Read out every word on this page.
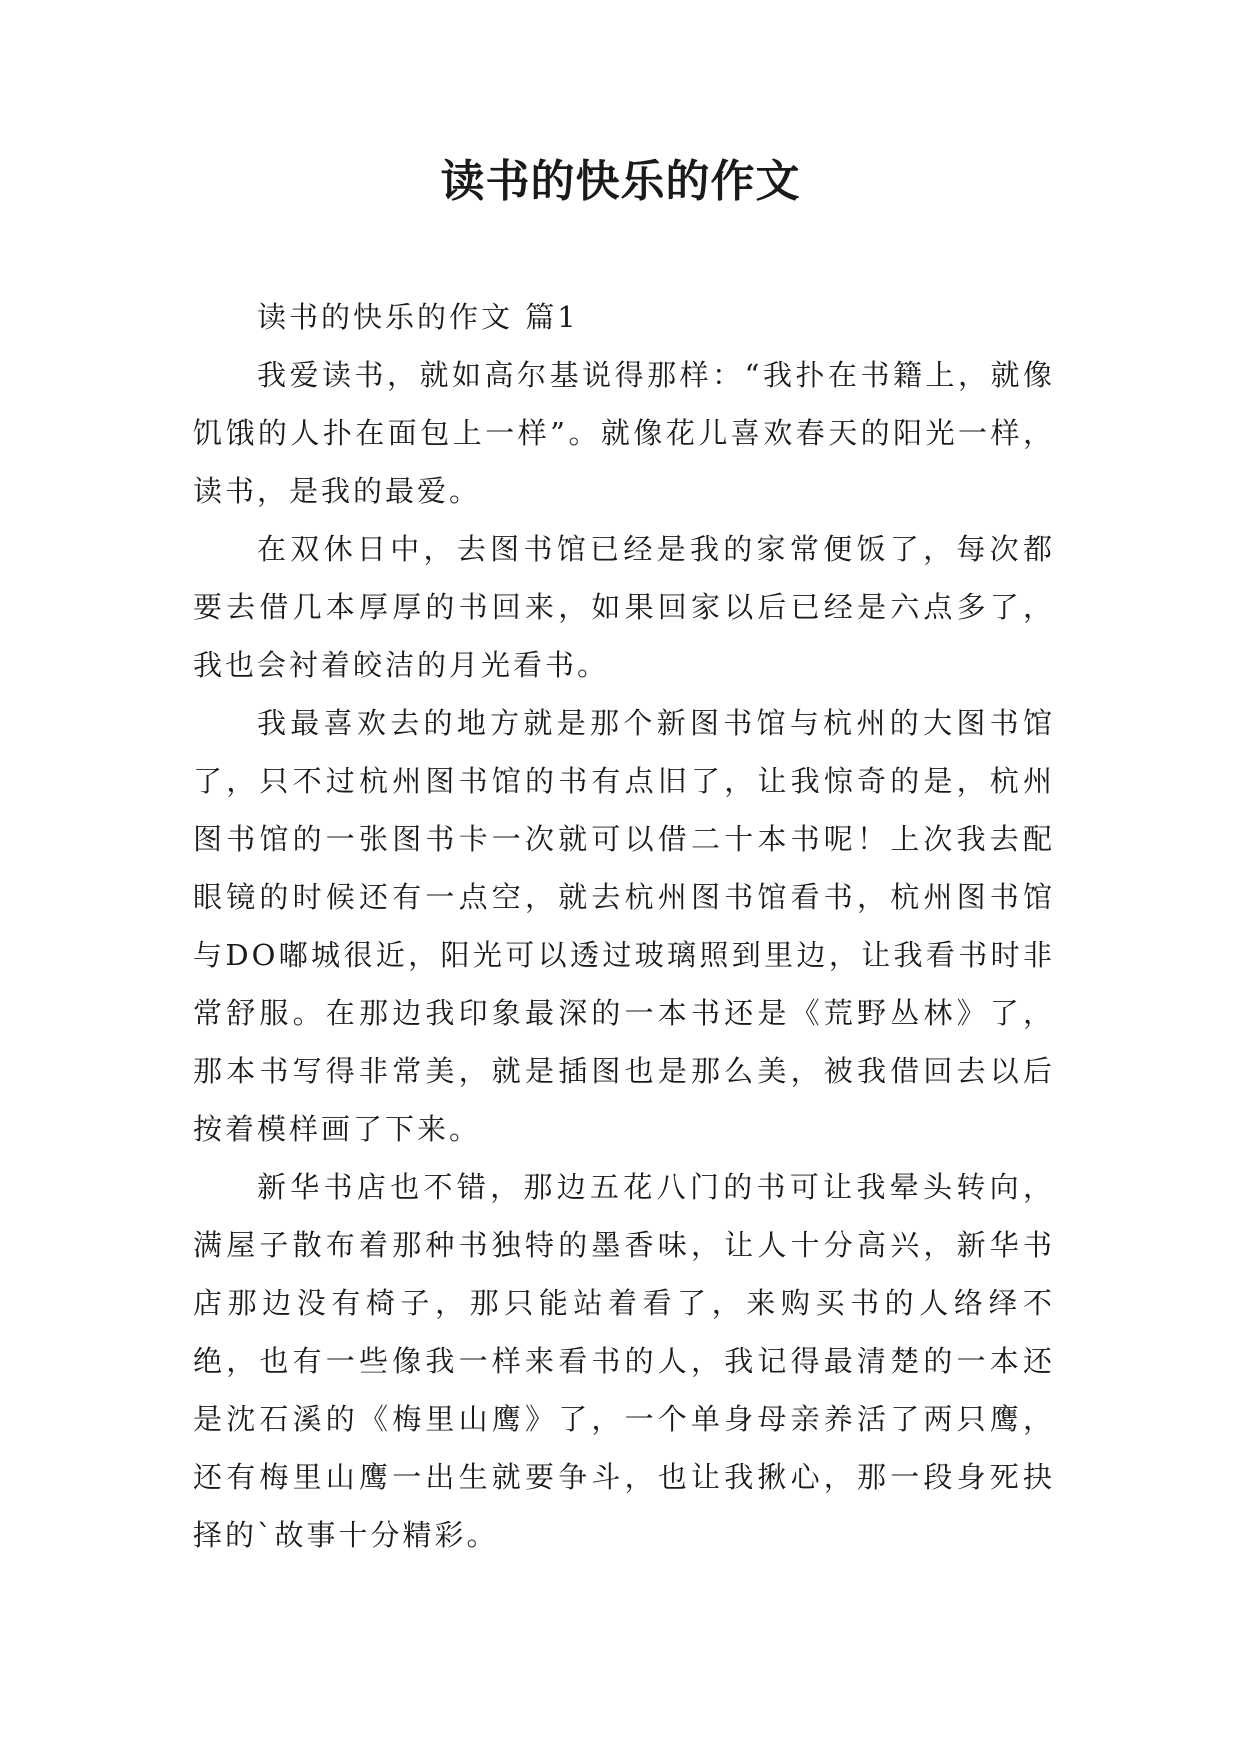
读书的快乐的作文

读书的快乐的作文 篇1

我爱读书，就如高尔基说得那样：“我扑在书籍上，就像饥饿的人扑在面包上一样”。就像花儿喜欢春天的阳光一样，读书，是我的最爱。

在双休日中，去图书馆已经是我的家常便饭了，每次都要去借几本厚厚的书回来，如果回家以后已经是六点多了，我也会衬着皎洁的月光看书。

我最喜欢去的地方就是那个新图书馆与杭州的大图书馆了，只不过杭州图书馆的书有点旧了，让我惊奇的是，杭州图书馆的一张图书卡一次就可以借二十本书呢！上次我去配眼镜的时候还有一点空，就去杭州图书馆看书，杭州图书馆与DO嘟城很近，阳光可以透过玻璃照到里边，让我看书时非常舒服。在那边我印象最深的一本书还是《荒野丛林》了，那本书写得非常美，就是插图也是那么美，被我借回去以后按着模样画了下来。

新华书店也不错，那边五花八门的书可让我晕头转向，满屋子散布着那种书独特的墨香味，让人十分高兴，新华书店那边没有椅子，那只能站着看了，来购买书的人络绎不绝，也有一些像我一样来看书的人，我记得最清楚的一本还是沈石溪的《梅里山鹰》了，一个单身母亲养活了两只鹰，还有梅里山鹰一出生就要争斗，也让我揪心，那一段身死抉择的`故事十分精彩。
